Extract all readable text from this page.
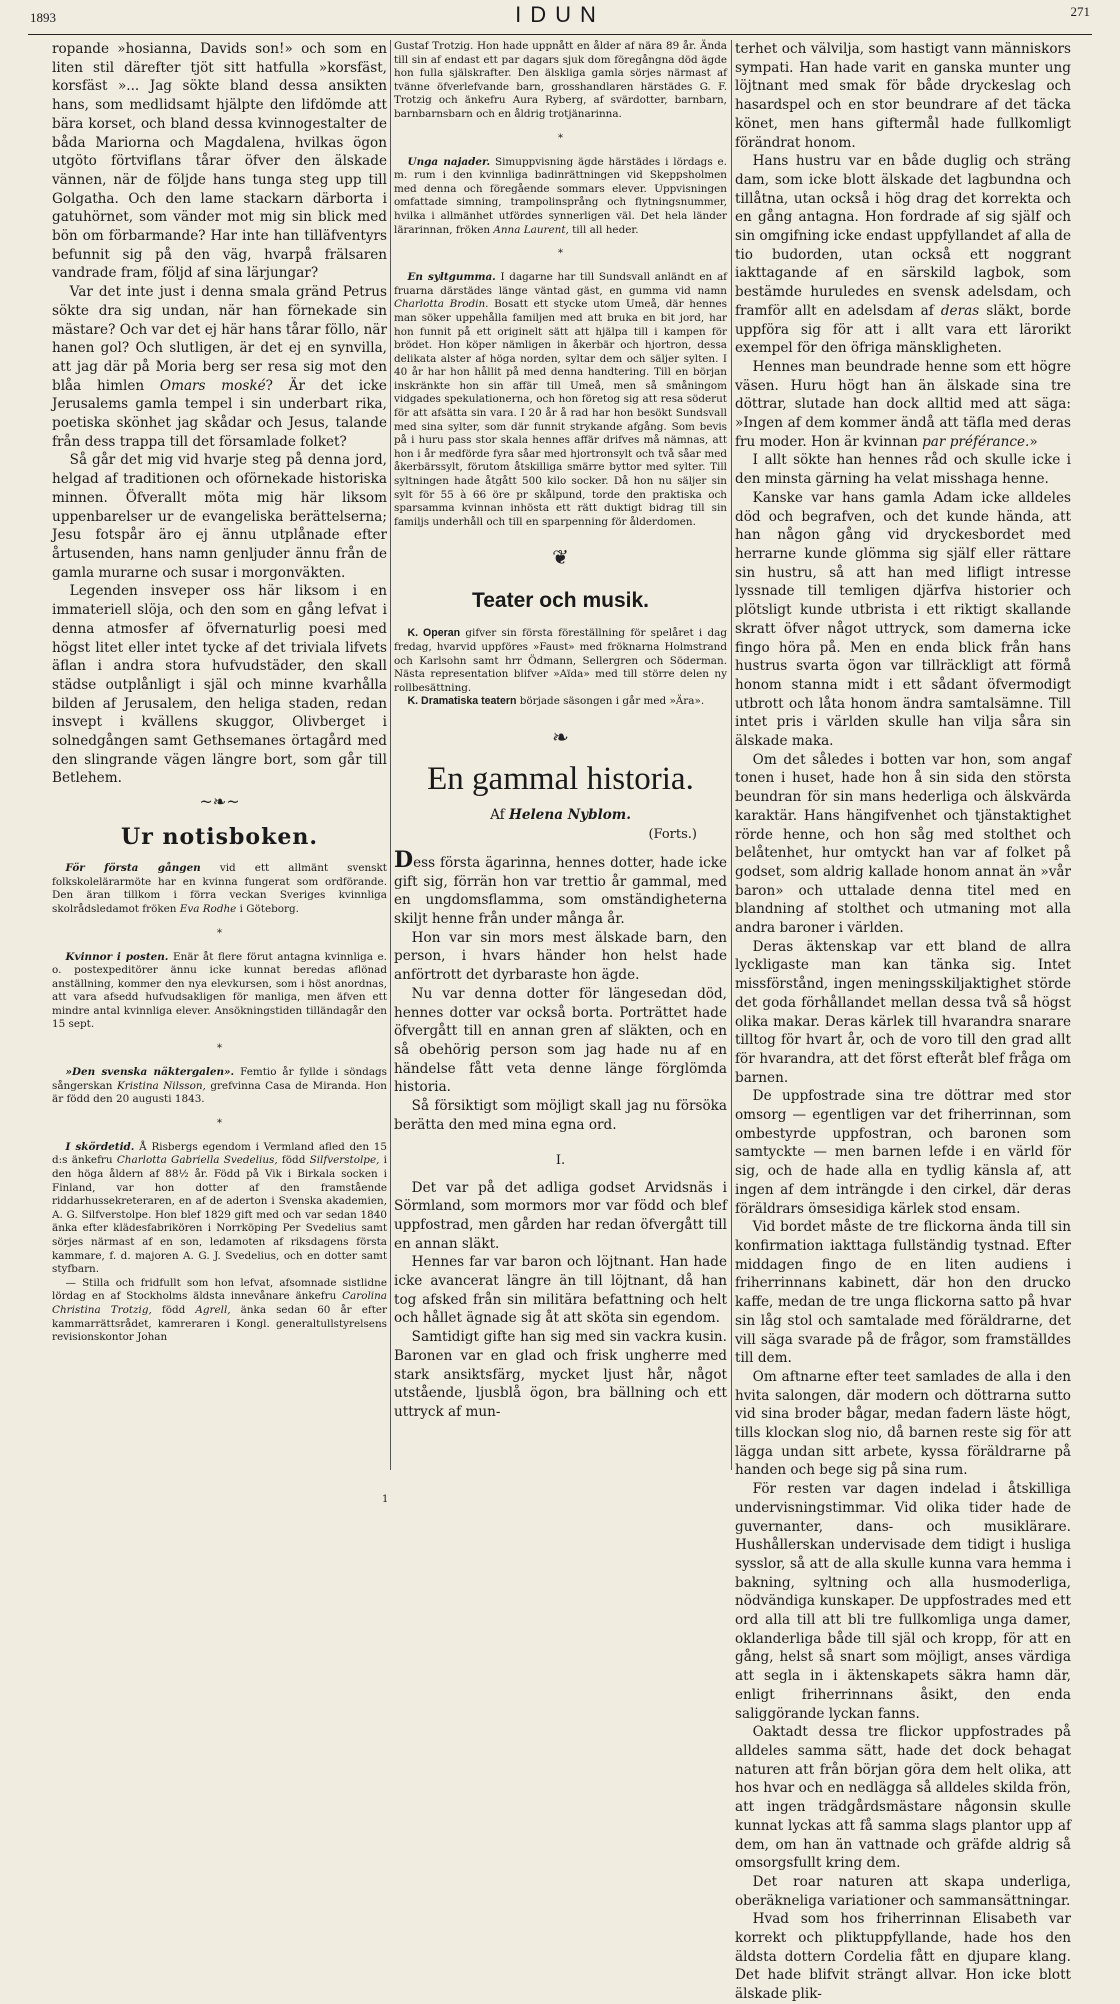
1893	IDUN	271

ropande »hosianna, Davids son!» och som en liten stil därefter tjöt sitt hatfulla »korsfäst, korsfäst »... Jag sökte bland dessa ansikten hans, som medlidsamt hjälpte den lifdömde att bära korset, och bland dessa kvinnogestalter de båda Mariorna och Magdalena, hvilkas ögon utgöto förtviflans tårar öfver den älskade vännen, när de följde hans tunga steg upp till Golgatha. Och den lame stackarn därborta i gatuhörnet, som vänder mot mig sin blick med bön om förbarmande? Har inte han tilläfventyrs befunnit sig på den väg, hvarpå frälsaren vandrade fram, följd af sina lärjungar?

Var det inte just i denna smala gränd Petrus sökte dra sig undan, när han förnekade sin mästare? Och var det ej här hans tårar föllo, när hanen gol? Och slutligen, är det ej en synvilla, att jag där på Moria berg ser resa sig mot den blåa himlen Omars moské? Är det icke Jerusalems gamla tempel i sin underbart rika, poetiska skönhet jag skådar och Jesus, talande från dess trappa till det församlade folket?

Så går det mig vid hvarje steg på denna jord, helgad af traditionen och oförnekade historiska minnen. Öfverallt möta mig här liksom uppenbarelser ur de evangeliska berättelserna; Jesu fotspår äro ej ännu utplånade efter årtusenden, hans namn genljuder ännu från de gamla murarne och susar i morgonväkten.

Legenden insveper oss här liksom i en immateriell slöja, och den som en gång lefvat i denna atmosfer af öfvernaturlig poesi med högst litet eller intet tycke af det triviala lifvets äflan i andra stora hufvudstäder, den skall städse outplånligt i själ och minne kvarhålla bilden af Jerusalem, den heliga staden, redan insvept i kvällens skuggor, Olivberget i solnedgången samt Gethsemanes örtagård med den slingrande vägen längre bort, som går till Betlehem.

~❧~
Ur notisboken.

För första gången vid ett allmänt svenskt folkskolelärarmöte har en kvinna fungerat som ordförande. Den äran tillkom i förra veckan Sveriges kvinnliga skolrådsledamot fröken Eva Rodhe i Göteborg.

*

Kvinnor i posten. Enär åt flere förut antagna kvinnliga e. o. postexpeditörer ännu icke kunnat beredas aflönad anställning, kommer den nya elevkursen, som i höst anordnas, att vara afsedd hufvudsakligen för manliga, men äfven ett mindre antal kvinnliga elever. Ansökningstiden tilländagår den 15 sept.

*

»Den svenska näktergalen». Femtio år fyllde i söndags sångerskan Kristina Nilsson, grefvinna Casa de Miranda. Hon är född den 20 augusti 1843.

*

I skördetid. Å Risbergs egendom i Vermland afled den 15 d:s änkefru Charlotta Gabriella Svedelius, född Silfverstolpe, i den höga åldern af 88½ år. Född på Vik i Birkala socken i Finland, var hon dotter af den framstående riddarhussekreteraren, en af de aderton i Svenska akademien, A. G. Silfverstolpe. Hon blef 1829 gift med och var sedan 1840 änka efter klädesfabrikören i Norrköping Per Svedelius samt sörjes närmast af en son, ledamoten af riksdagens första kammare, f. d. majoren A. G. J. Svedelius, och en dotter samt styfbarn.

— Stilla och fridfullt som hon lefvat, afsomnade sistlidne lördag en af Stockholms äldsta innevånare änkefru Carolina Christina Trotzig, född Agrell, änka sedan 60 år efter kammarrättsrådet, kamreraren i Kongl. generaltullstyrelsens revisionskontor Johan

Gustaf Trotzig. Hon hade uppnått en ålder af nära 89 år. Ända till sin af endast ett par dagars sjuk dom föregångna död ägde hon fulla själskrafter. Den älskliga gamla sörjes närmast af tvänne öfverlefvande barn, grosshandlaren härstädes G. F. Trotzig och änkefru Aura Ryberg, af svärdotter, barnbarn, barnbarnsbarn och en åldrig trotjänarinna.

*

Unga najader. Simuppvisning ägde härstädes i lördags e. m. rum i den kvinnliga badinrättningen vid Skeppsholmen med denna och föregående sommars elever. Uppvisningen omfattade simning, trampolinsprång och flytningsnummer, hvilka i allmänhet utfördes synnerligen väl. Det hela länder lärarinnan, fröken Anna Laurent, till all heder.

*

En syltgumma. I dagarne har till Sundsvall anländt en af fruarna därstädes länge väntad gäst, en gumma vid namn Charlotta Brodin. Bosatt ett stycke utom Umeå, där hennes man söker uppehålla familjen med att bruka en bit jord, har hon funnit på ett originelt sätt att hjälpa till i kampen för brödet. Hon köper nämligen in åkerbär och hjortron, dessa delikata alster af höga norden, syltar dem och säljer sylten. I 40 år har hon hållit på med denna handtering. Till en början inskränkte hon sin affär till Umeå, men så småningom vidgades spekulationerna, och hon företog sig att resa söderut för att afsätta sin vara. I 20 år å rad har hon besökt Sundsvall med sina sylter, som där funnit strykande afgång. Som bevis på i huru pass stor skala hennes affär drifves må nämnas, att hon i år medförde fyra såar med hjortronsylt och två såar med åkerbärssylt, förutom åtskilliga smärre byttor med sylter. Till syltningen hade åtgått 500 kilo socker. Då hon nu säljer sin sylt för 55 à 66 öre pr skålpund, torde den praktiska och sparsamma kvinnan inhösta ett rätt duktigt bidrag till sin familjs underhåll och till en sparpenning för ålderdomen.

❦
Teater och musik.

K. Operan gifver sin första föreställning för spelåret i dag fredag, hvarvid uppföres »Faust» med fröknarna Holmstrand och Karlsohn samt hrr Ödmann, Sellergren och Söderman. Nästa representation blifver »Aïda» med till större delen ny rollbesättning.

K. Dramatiska teatern började säsongen i går med »Ära».

❧
En gammal historia.
Af Helena Nyblom.
(Forts.)

Dess första ägarinna, hennes dotter, hade icke gift sig, förrän hon var trettio år gammal, med en ungdomsflamma, som omständigheterna skiljt henne från under många år.

Hon var sin mors mest älskade barn, den person, i hvars händer hon helst hade anförtrott det dyrbaraste hon ägde.

Nu var denna dotter för längesedan död, hennes dotter var också borta. Porträttet hade öfvergått till en annan gren af släkten, och en så obehörig person som jag hade nu af en händelse fått veta denne länge förglömda historia.

Så försiktigt som möjligt skall jag nu försöka berätta den med mina egna ord.

I.

Det var på det adliga godset Arvidsnäs i Sörmland, som mormors mor var född och blef uppfostrad, men gården har redan öfvergått till en annan släkt.

Hennes far var baron och löjtnant. Han hade icke avancerat längre än till löjtnant, då han tog afsked från sin militära befattning och helt och hållet ägnade sig åt att sköta sin egendom.

Samtidigt gifte han sig med sin vackra kusin. Baronen var en glad och frisk ungherre med stark ansiktsfärg, mycket ljust hår, något utstående, ljusblå ögon, bra bällning och ett uttryck af mun-

terhet och välvilja, som hastigt vann människors sympati. Han hade varit en ganska munter ung löjtnant med smak för både dryckeslag och hasardspel och en stor beundrare af det täcka könet, men hans giftermål hade fullkomligt förändrat honom.

Hans hustru var en både duglig och sträng dam, som icke blott älskade det lagbundna och tillåtna, utan också i hög drag det korrekta och en gång antagna. Hon fordrade af sig själf och sin omgifning icke endast uppfyllandet af alla de tio budorden, utan också ett noggrant iakttagande af en särskild lagbok, som bestämde huruledes en svensk adelsdam, och framför allt en adelsdam af deras släkt, borde uppföra sig för att i allt vara ett lärorikt exempel för den öfriga mänskligheten.

Hennes man beundrade henne som ett högre väsen. Huru högt han än älskade sina tre döttrar, slutade han dock alltid med att säga: »Ingen af dem kommer ändå att täfla med deras fru moder. Hon är kvinnan par préférance.»

I allt sökte han hennes råd och skulle icke i den minsta gärning ha velat misshaga henne.

Kanske var hans gamla Adam icke alldeles död och begrafven, och det kunde hända, att han någon gång vid dryckesbordet med herrarne kunde glömma sig själf eller rättare sin hustru, så att han med lifligt intresse lyssnade till temligen djärfva historier och plötsligt kunde utbrista i ett riktigt skallande skratt öfver något uttryck, som damerna icke fingo höra på. Men en enda blick från hans hustrus svarta ögon var tillräckligt att förmå honom stanna midt i ett sådant öfvermodigt utbrott och låta honom ändra samtalsämne. Till intet pris i världen skulle han vilja såra sin älskade maka.

Om det således i botten var hon, som angaf tonen i huset, hade hon å sin sida den största beundran för sin mans hederliga och älskvärda karaktär. Hans hängifvenhet och tjänstaktighet rörde henne, och hon såg med stolthet och belåtenhet, hur omtyckt han var af folket på godset, som aldrig kallade honom annat än »vår baron» och uttalade denna titel med en blandning af stolthet och utmaning mot alla andra baroner i världen.

Deras äktenskap var ett bland de allra lyckligaste man kan tänka sig. Intet missförstånd, ingen meningsskiljaktighet störde det goda förhållandet mellan dessa två så högst olika makar. Deras kärlek till hvarandra snarare tilltog för hvart år, och de voro till den grad allt för hvarandra, att det först efteråt blef fråga om barnen.

De uppfostrade sina tre döttrar med stor omsorg — egentligen var det friherrinnan, som ombestyrde uppfostran, och baronen som samtyckte — men barnen lefde i en värld för sig, och de hade alla en tydlig känsla af, att ingen af dem inträngde i den cirkel, där deras föräldrars ömsesidiga kärlek stod ensam.

Vid bordet måste de tre flickorna ända till sin konfirmation iakttaga fullständig tystnad. Efter middagen fingo de en liten audiens i friherrinnans kabinett, där hon den drucko kaffe, medan de tre unga flickorna satto på hvar sin låg stol och samtalade med föräldrarne, det vill säga svarade på de frågor, som framställdes till dem.

Om aftnarne efter teet samlades de alla i den hvita salongen, där modern och döttrarna sutto vid sina broder bågar, medan fadern läste högt, tills klockan slog nio, då barnen reste sig för att lägga undan sitt arbete, kyssa föräldrarne på handen och bege sig på sina rum.

För resten var dagen indelad i åtskilliga undervisningstimmar. Vid olika tider hade de guvernanter, dans- och musiklärare. Hushållerskan undervisade dem tidigt i husliga sysslor, så att de alla skulle kunna vara hemma i bakning, syltning och alla husmoderliga, nödvändiga kunskaper. De uppfostrades med ett ord alla till att bli tre fullkomliga unga damer, oklanderliga både till själ och kropp, för att en gång, helst så snart som möjligt, anses värdiga att segla in i äktenskapets säkra hamn där, enligt friherrinnans åsikt, den enda saliggörande lyckan fanns.

Oaktadt dessa tre flickor uppfostrades på alldeles samma sätt, hade det dock behagat naturen att från början göra dem helt olika, att hos hvar och en nedlägga så alldeles skilda frön, att ingen trädgårdsmästare någonsin skulle kunnat lyckas att få samma slags plantor upp af dem, om han än vattnade och gräfde aldrig så omsorgsfullt kring dem.

Det roar naturen att skapa underliga, oberäkneliga variationer och sammansättningar.

Hvad som hos friherrinnan Elisabeth var korrekt och pliktuppfyllande, hade hos den äldsta dottern Cordelia fått en djupare klang. Det hade blifvit strängt allvar. Hon icke blott älskade plik-

1
